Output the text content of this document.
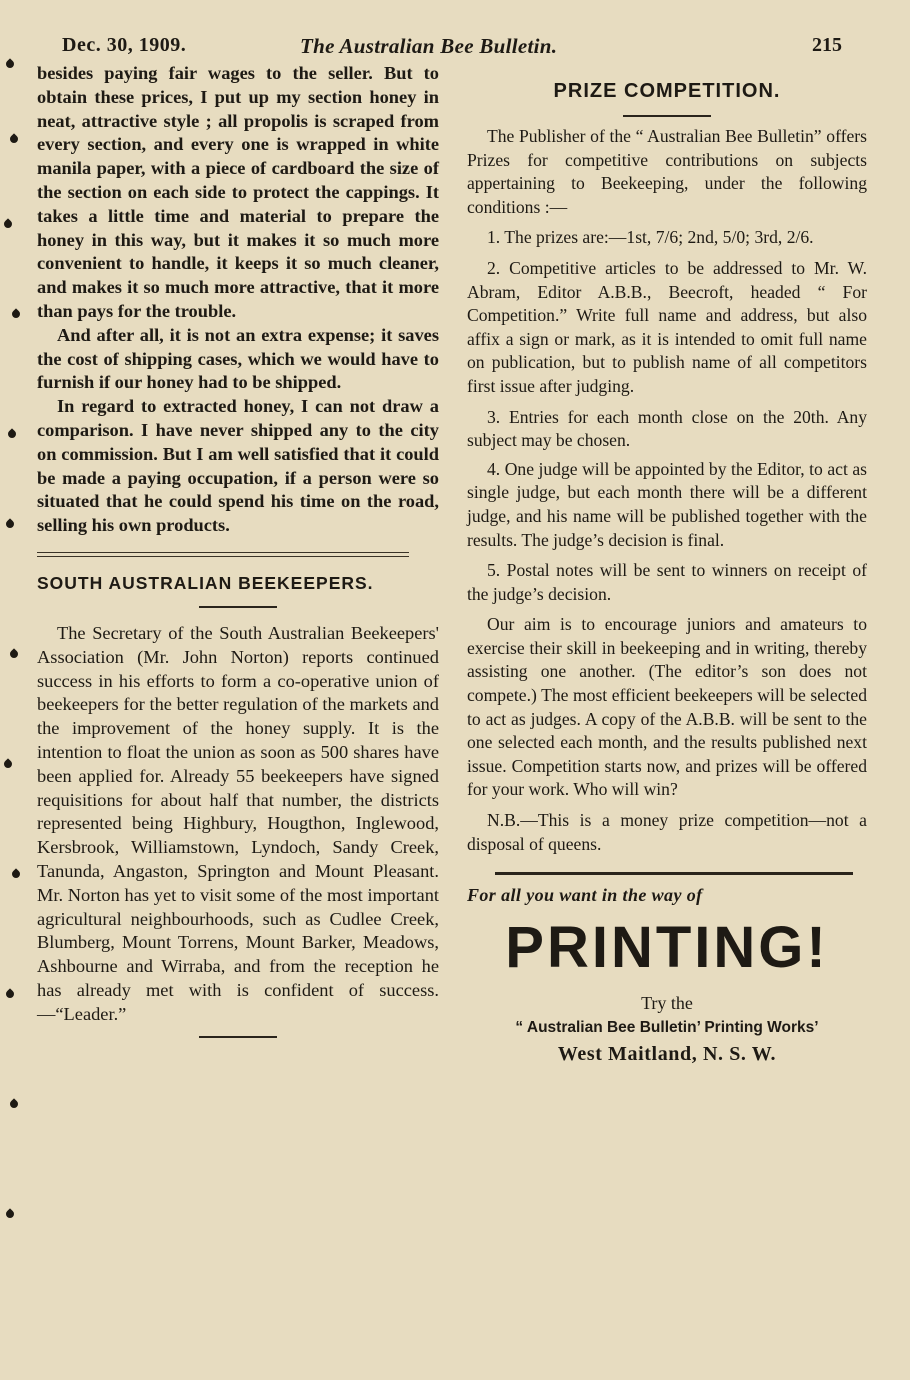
Dec. 30, 1909.	The Australian Bee Bulletin.	215

besides paying fair wages to the seller. But to obtain these prices, I put up my section honey in neat, attractive style ; all propolis is scraped from every section, and every one is wrapped in white manila paper, with a piece of cardboard the size of the section on each side to protect the cappings. It takes a little time and material to prepare the honey in this way, but it makes it so much more convenient to handle, it keeps it so much cleaner, and makes it so much more attractive, that it more than pays for the trouble.

And after all, it is not an extra expense; it saves the cost of shipping cases, which we would have to furnish if our honey had to be shipped.

In regard to extracted honey, I can not draw a comparison. I have never shipped any to the city on commission. But I am well satisfied that it could be made a paying occupation, if a person were so situated that he could spend his time on the road, selling his own products.

SOUTH AUSTRALIAN BEEKEEPERS.

The Secretary of the South Australian Beekeepers' Association (Mr. John Norton) reports continued success in his efforts to form a co-operative union of beekeepers for the better regulation of the markets and the improvement of the honey supply. It is the intention to float the union as soon as 500 shares have been applied for. Already 55 beekeepers have signed requisitions for about half that number, the districts represented being Highbury, Hougthon, Inglewood, Kersbrook, Williamstown, Lyndoch, Sandy Creek, Tanunda, Angaston, Springton and Mount Pleasant. Mr. Norton has yet to visit some of the most important agricultural neighbourhoods, such as Cudlee Creek, Blumberg, Mount Torrens, Mount Barker, Meadows, Ashbourne and Wirraba, and from the reception he has already met with is confident of success.—“Leader.”

PRIZE COMPETITION.

The Publisher of the “ Australian Bee Bulletin” offers Prizes for competitive contributions on subjects appertaining to Beekeeping, under the following conditions :—

1. The prizes are:—1st, 7/6; 2nd, 5/0; 3rd, 2/6.

2. Competitive articles to be addressed to Mr. W. Abram, Editor A.B.B., Beecroft, headed “ For Competition.” Write full name and address, but also affix a sign or mark, as it is intended to omit full name on publication, but to publish name of all competitors first issue after judging.

3. Entries for each month close on the 20th. Any subject may be chosen.

4. One judge will be appointed by the Editor, to act as single judge, but each month there will be a different judge, and his name will be published together with the results. The judge’s decision is final.

5. Postal notes will be sent to winners on receipt of the judge’s decision.

Our aim is to encourage juniors and amateurs to exercise their skill in beekeeping and in writing, thereby assisting one another. (The editor’s son does not compete.) The most efficient beekeepers will be selected to act as judges. A copy of the A.B.B. will be sent to the one selected each month, and the results published next issue. Competition starts now, and prizes will be offered for your work. Who will win?

N.B.—This is a money prize competition—not a disposal of queens.

For all you want in the way of

PRINTING!

Try the

“ Australian Bee Bulletin’ Printing Works’

West Maitland, N. S. W.
